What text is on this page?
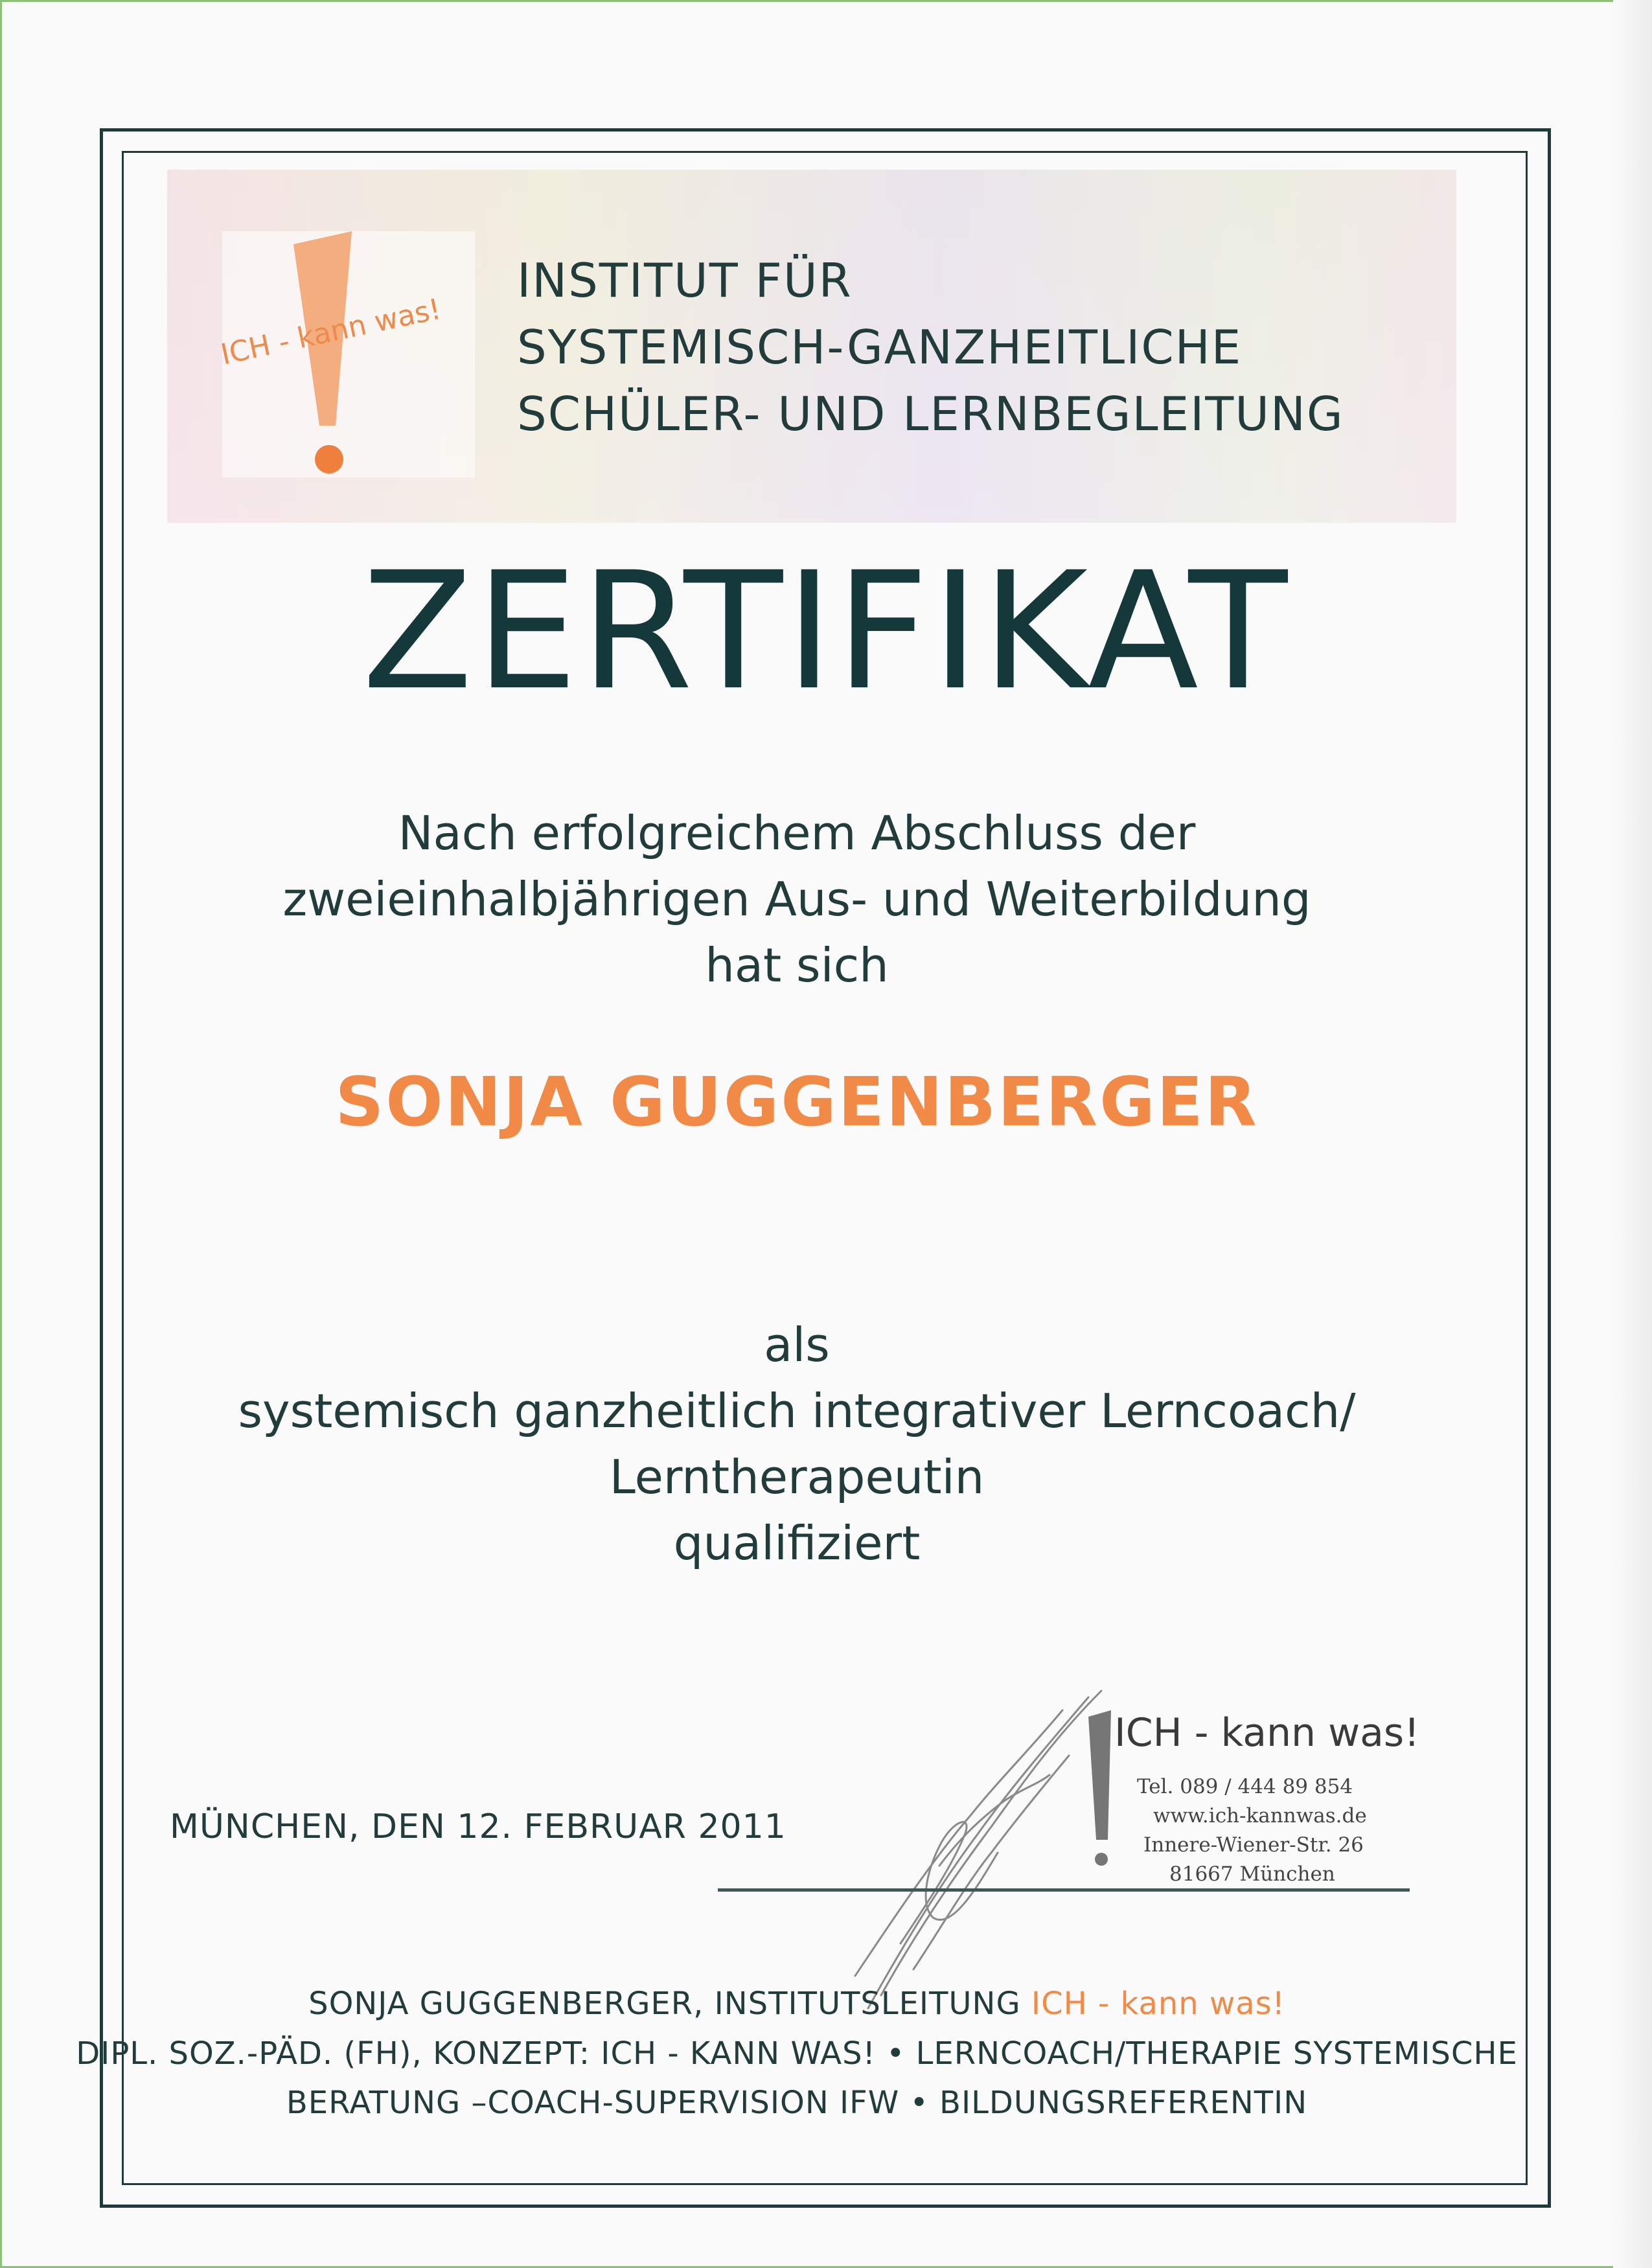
ICH - kann was!
INSTITUT FÜR
SYSTEMISCH-GANZHEITLICHE
SCHÜLER- UND LERNBEGLEITUNG
ZERTIFIKAT
Nach erfolgreichem Abschluss der
zweieinhalbjährigen Aus- und Weiterbildung
hat sich
SONJA GUGGENBERGER
als
systemisch ganzheitlich integrativer Lerncoach/
Lerntherapeutin
qualifiziert
MÜNCHEN, DEN 12. FEBRUAR 2011
ICH - kann was!
Tel. 089 / 444 89 854
www.ich-kannwas.de
Innere-Wiener-Str. 26
81667 München
SONJA GUGGENBERGER, INSTITUTSLEITUNG ICH - kann was!
DIPL. SOZ.-PÄD. (FH), KONZEPT: ICH - KANN WAS! • LERNCOACH/THERAPIE SYSTEMISCHE
BERATUNG –COACH-SUPERVISION IFW • BILDUNGSREFERENTIN
